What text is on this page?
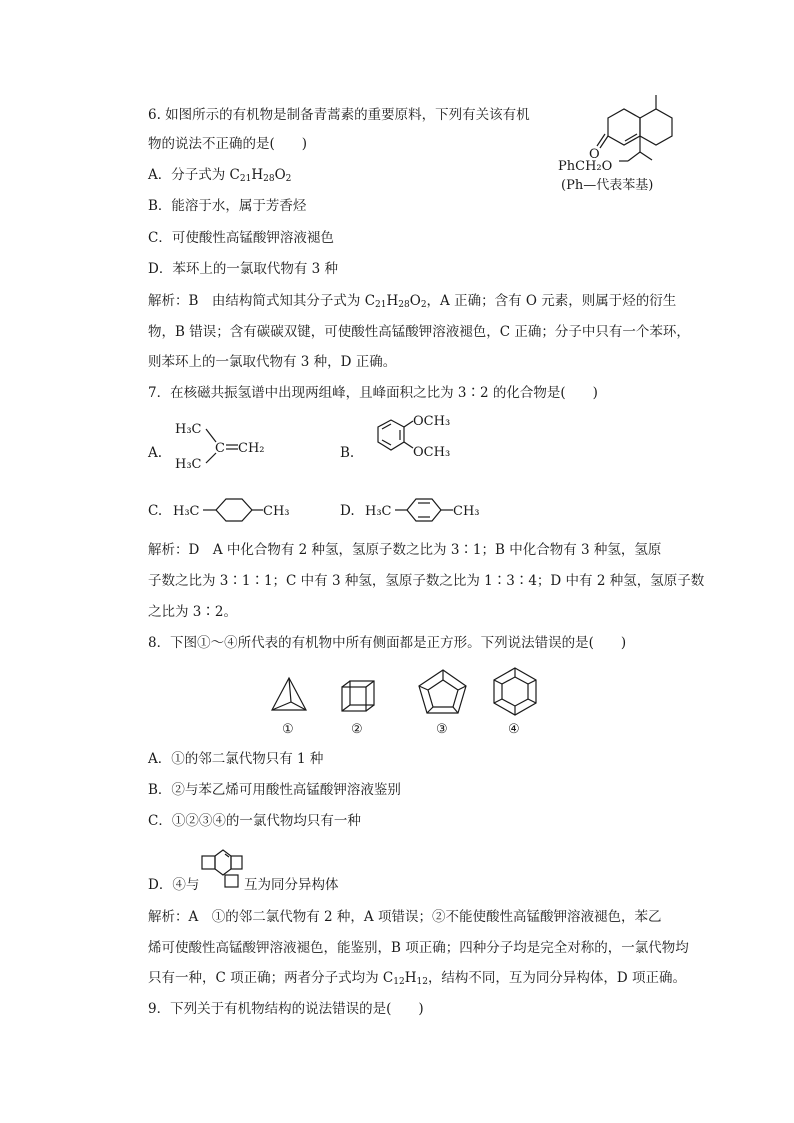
6. 如图所示的有机物是制备青蒿素的重要原料，下列有关该有机
物的说法不正确的是(　　)
O
PhCH₂O
(Ph—代表苯基)
A．分子式为 $C_{21}H_{28}O_2$
B．能溶于水，属于芳香烃
C．可使酸性高锰酸钾溶液褪色
D．苯环上的一氯取代物有 3 种
解析：B　由结构简式知其分子式为 $C_{21}H_{28}O_2$，A 正确；含有 O 元素，则属于烃的衍生
物，B 错误；含有碳碳双键，可使酸性高锰酸钾溶液褪色，C 正确；分子中只有一个苯环，
则苯环上的一氯取代物有 3 种，D 正确。
7．在核磁共振氢谱中出现两组峰，且峰面积之比为 3∶2 的化合物是(　　)
A.
H₃C
H₃C
C CH₂	B.
OCH₃
OCH₃
C. H₃C	CH₃	D. H₃C	CH₃
解析：D　A 中化合物有 2 种氢，氢原子数之比为 3∶1；B 中化合物有 3 种氢，氢原
子数之比为 3∶1∶1；C 中有 3 种氢，氢原子数之比为 1∶3∶4；D 中有 2 种氢，氢原子数
之比为 3∶2。
8．下图①～④所代表的有机物中所有侧面都是正方形。下列说法错误的是(　　)
①	②	③	④
A．①的邻二氯代物只有 1 种
B．②与苯乙烯可用酸性高锰酸钾溶液鉴别
C．①②③④的一氯代物均只有一种
D．④与	互为同分异构体
解析：A　①的邻二氯代物有 2 种，A 项错误；②不能使酸性高锰酸钾溶液褪色，苯乙
烯可使酸性高锰酸钾溶液褪色，能鉴别，B 项正确；四种分子均是完全对称的，一氯代物均
只有一种，C 项正确；两者分子式均为 $C_{12}H_{12}$，结构不同，互为同分异构体，D 项正确。
9．下列关于有机物结构的说法错误的是(　　)
